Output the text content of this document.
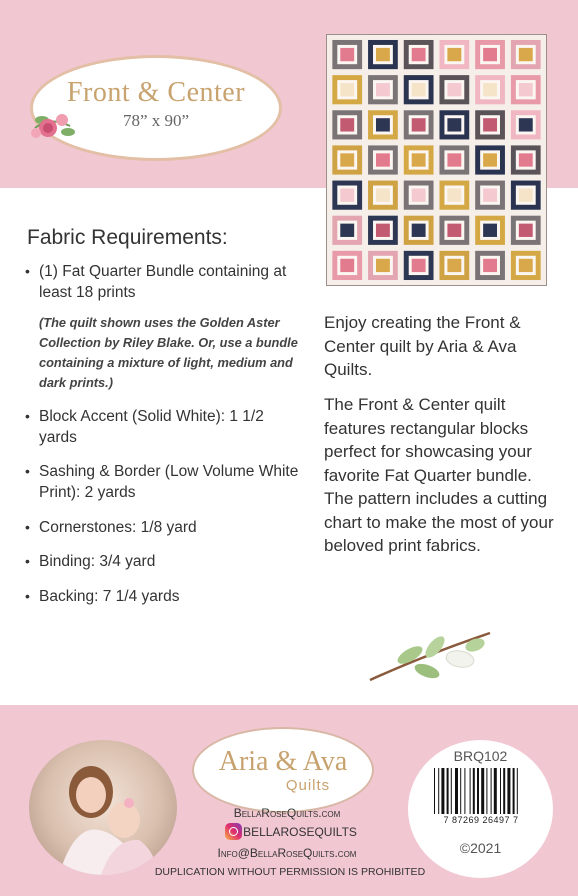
Front & Center
78” x 90”
Fabric Requirements:
• (1) Fat Quarter Bundle containing at least 18 prints
(The quilt shown uses the Golden Aster Collection by Riley Blake. Or, use a bundle containing a mixture of light, medium and dark prints.)
• Block Accent (Solid White): 1 1/2 yards
• Sashing & Border (Low Volume White Print): 2 yards
• Cornerstones: 1/8 yard
• Binding: 3/4 yard
• Backing: 7 1/4 yards
Enjoy creating the Front & Center quilt by Aria & Ava Quilts.
The Front & Center quilt features rectangular blocks perfect for showcasing your favorite Fat Quarter bundle. The pattern includes a cutting chart to make the most of your beloved print fabrics.
Aria & Ava
Quilts
BellaRoseQuilts.com
BELLAROSEQUILTS
Info@BellaRoseQuilts.com
DUPLICATION WITHOUT PERMISSION IS PROHIBITED
BRQ102
7 87269 26497 7
©2021
